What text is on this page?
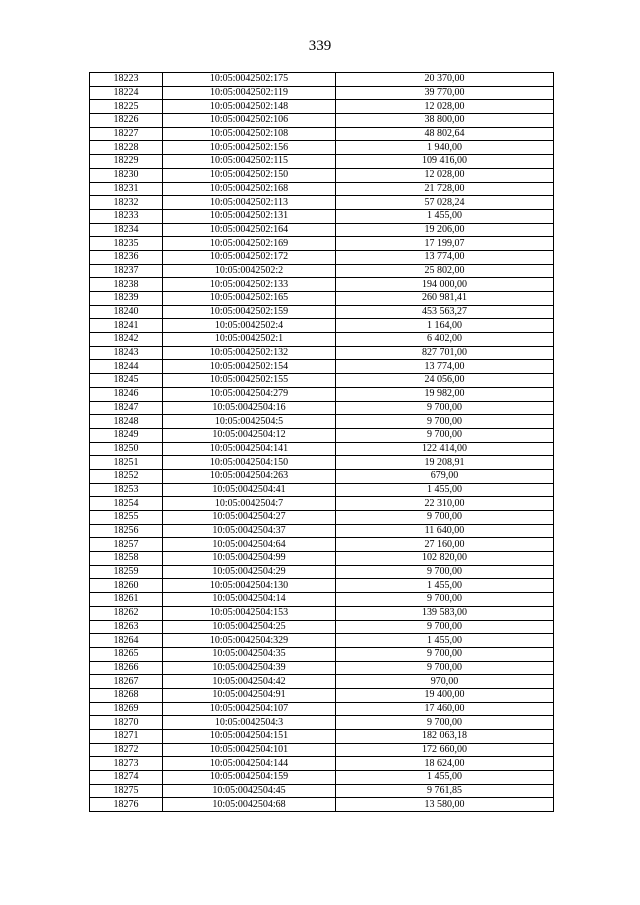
339
18223	10:05:0042502:175	20 370,00
18224	10:05:0042502:119	39 770,00
18225	10:05:0042502:148	12 028,00
18226	10:05:0042502:106	38 800,00
18227	10:05:0042502:108	48 802,64
18228	10:05:0042502:156	1 940,00
18229	10:05:0042502:115	109 416,00
18230	10:05:0042502:150	12 028,00
18231	10:05:0042502:168	21 728,00
18232	10:05:0042502:113	57 028,24
18233	10:05:0042502:131	1 455,00
18234	10:05:0042502:164	19 206,00
18235	10:05:0042502:169	17 199,07
18236	10:05:0042502:172	13 774,00
18237	10:05:0042502:2	25 802,00
18238	10:05:0042502:133	194 000,00
18239	10:05:0042502:165	260 981,41
18240	10:05:0042502:159	453 563,27
18241	10:05:0042502:4	1 164,00
18242	10:05:0042502:1	6 402,00
18243	10:05:0042502:132	827 701,00
18244	10:05:0042502:154	13 774,00
18245	10:05:0042502:155	24 056,00
18246	10:05:0042504:279	19 982,00
18247	10:05:0042504:16	9 700,00
18248	10:05:0042504:5	9 700,00
18249	10:05:0042504:12	9 700,00
18250	10:05:0042504:141	122 414,00
18251	10:05:0042504:150	19 208,91
18252	10:05:0042504:263	679,00
18253	10:05:0042504:41	1 455,00
18254	10:05:0042504:7	22 310,00
18255	10:05:0042504:27	9 700,00
18256	10:05:0042504:37	11 640,00
18257	10:05:0042504:64	27 160,00
18258	10:05:0042504:99	102 820,00
18259	10:05:0042504:29	9 700,00
18260	10:05:0042504:130	1 455,00
18261	10:05:0042504:14	9 700,00
18262	10:05:0042504:153	139 583,00
18263	10:05:0042504:25	9 700,00
18264	10:05:0042504:329	1 455,00
18265	10:05:0042504:35	9 700,00
18266	10:05:0042504:39	9 700,00
18267	10:05:0042504:42	970,00
18268	10:05:0042504:91	19 400,00
18269	10:05:0042504:107	17 460,00
18270	10:05:0042504:3	9 700,00
18271	10:05:0042504:151	182 063,18
18272	10:05:0042504:101	172 660,00
18273	10:05:0042504:144	18 624,00
18274	10:05:0042504:159	1 455,00
18275	10:05:0042504:45	9 761,85
18276	10:05:0042504:68	13 580,00
